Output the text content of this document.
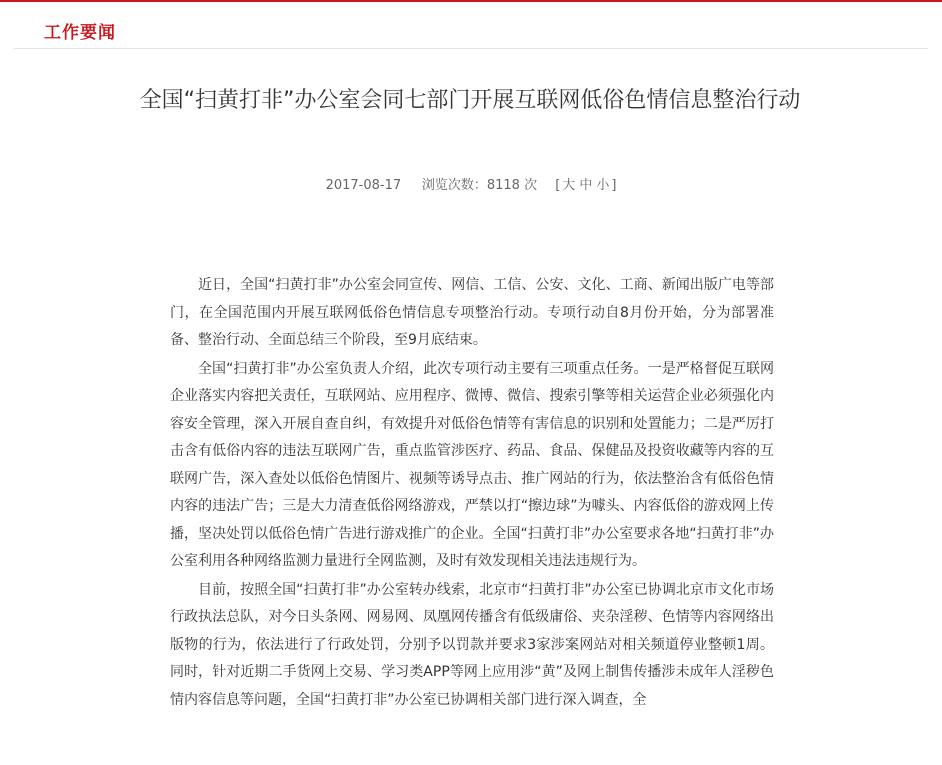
工作要闻
全国“扫黄打非”办公室会同七部门开展互联网低俗色情信息整治行动
2017-08-17 浏览次数：8118 次 [ 大 中 小 ]

近日，全国“扫黄打非”办公室会同宣传、网信、工信、公安、文化、工商、新闻出版广电等部门，在全国范围内开展互联网低俗色情信息专项整治行动。专项行动自8月份开始，分为部署准备、整治行动、全面总结三个阶段，至9月底结束。

全国“扫黄打非”办公室负责人介绍，此次专项行动主要有三项重点任务。一是严格督促互联网企业落实内容把关责任，互联网站、应用程序、微博、微信、搜索引擎等相关运营企业必须强化内容安全管理，深入开展自查自纠，有效提升对低俗色情等有害信息的识别和处置能力；二是严厉打击含有低俗内容的违法互联网广告，重点监管涉医疗、药品、食品、保健品及投资收藏等内容的互联网广告，深入查处以低俗色情图片、视频等诱导点击、推广网站的行为，依法整治含有低俗色情内容的违法广告；三是大力清查低俗网络游戏，严禁以打“擦边球”为噱头、内容低俗的游戏网上传播，坚决处罚以低俗色情广告进行游戏推广的企业。全国“扫黄打非”办公室要求各地“扫黄打非”办公室利用各种网络监测力量进行全网监测，及时有效发现相关违法违规行为。

目前，按照全国“扫黄打非”办公室转办线索，北京市“扫黄打非”办公室已协调北京市文化市场行政执法总队，对今日头条网、网易网、凤凰网传播含有低级庸俗、夹杂淫秽、色情等内容网络出版物的行为，依法进行了行政处罚，分别予以罚款并要求3家涉案网站对相关频道停业整顿1周。同时，针对近期二手货网上交易、学习类APP等网上应用涉“黄”及网上制售传播涉未成年人淫秽色情内容信息等问题，全国“扫黄打非”办公室已协调相关部门进行深入调查，全
